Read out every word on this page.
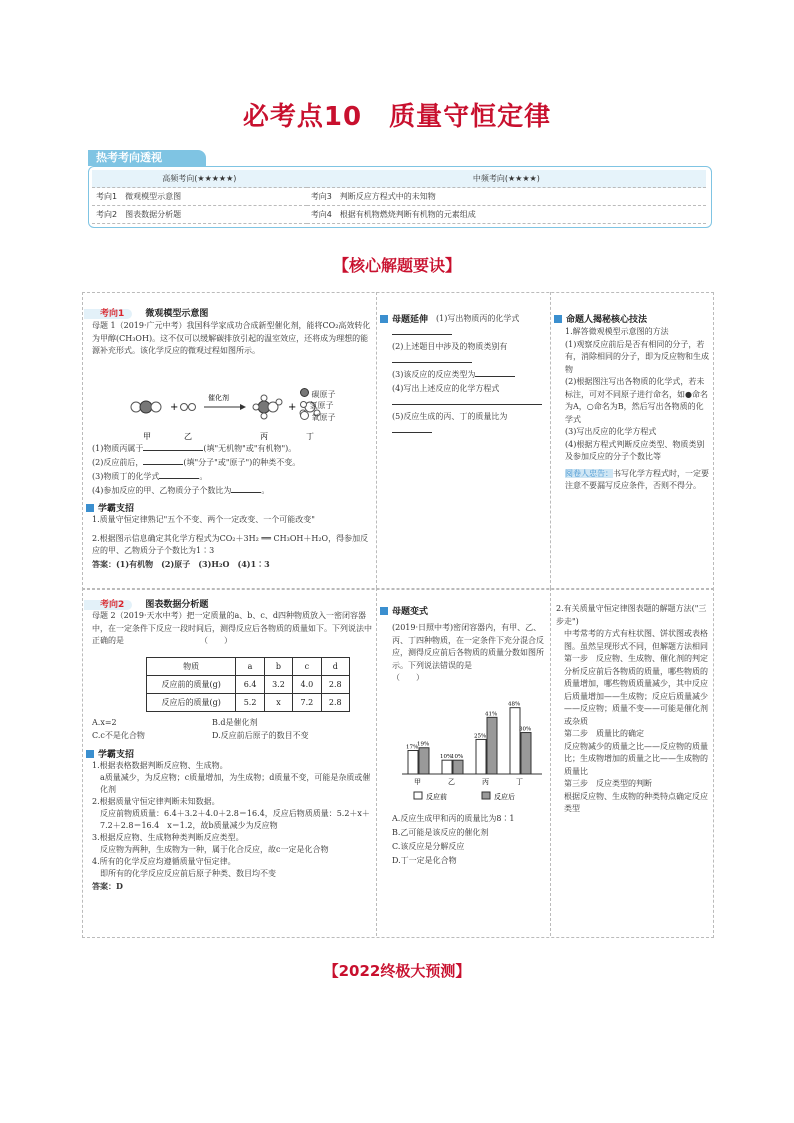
必考点10　质量守恒定律
热考考向透视
高频考向(★★★★★)	中频考向(★★★★)
考向1　微观模型示意图	考向3　判断反应方程式中的未知物
考向2　图表数据分析题	考向4　根据有机物燃烧判断有机物的元素组成
【核心解题要诀】
考向1 微观模型示意图
母题 1（2019·广元中考）我国科学家成功合成新型催化剂，能将CO₂高效转化为甲醇(CH₃OH)。这不仅可以缓解碳排放引起的温室效应，还将成为理想的能源补充形式。该化学反应的微观过程如图所示。
+
催化剂
+
甲	乙	丙	丁
碳原子
氢原子
氧原子
(1)物质丙属于	(填"无机物"或"有机物")。
(2)反应前后，	(填"分子"或"原子")的种类不变。
(3)物质丁的化学式	。
(4)参加反应的甲、乙物质分子个数比为	。
学霸支招
1.质量守恒定律熟记"五个不变、两个一定改变、一个可能改变"
2.根据图示信息确定其化学方程式为CO₂＋3H₂ ══ CH₃OH＋H₂O，得参加反应的甲、乙物质分子个数比为1∶3
答案：(1)有机物　(2)原子　(3)H₂O　(4)1∶3
母题延伸 (1)写出物质丙的化学式
(2)上述题目中涉及的物质类别有
(3)该反应的反应类型为
(4)写出上述反应的化学方程式
(5)反应生成的丙、丁的质量比为
命题人揭秘核心技法
1.解答微观模型示意图的方法
(1)观察反应前后是否有相同的分子，若有，消除相同的分子，即为反应物和生成物
(2)根据图注写出各物质的化学式，若未标注，可对不同原子进行命名，如●命名为A，○命名为B，然后写出各物质的化学式
(3)写出反应的化学方程式
(4)根据方程式判断反应类型、物质类别及参加反应的分子个数比等
阅卷人忠告：书写化学方程式时，一定要注意不要漏写反应条件，否则不得分。
考向2 图表数据分析题
母题 2（2019·天水中考）把一定质量的a、b、c、d四种物质放入一密闭容器中，在一定条件下反应一段时间后，测得反应后各物质的质量如下。下列说法中正确的是　　　　　　　　　　（　　）
物质	a	b	c	d
反应前的质量(g)	6.4	3.2	4.0	2.8
反应后的质量(g)	5.2	x	7.2	2.8
A.x=2	B.d是催化剂
C.c不是化合物	D.反应前后原子的数目不变
学霸支招
1.根据表格数据判断反应物、生成物。
a质量减少，为反应物；c质量增加，为生成物；d质量不变，可能是杂质或催化剂
2.根据质量守恒定律判断未知数据。
反应前物质质量：6.4＋3.2＋4.0＋2.8＝16.4，反应后物质质量：5.2＋x＋7.2＋2.8＝16.4　x＝1.2，故b质量减少为反应物
3.根据反应物、生成物种类判断反应类型。
反应物为两种，生成物为一种，属于化合反应，故c一定是化合物
4.所有的化学反应均遵循质量守恒定律。
即所有的化学反应反应前后原子种类、数目均不变
答案：D
母题变式
(2019·日照中考)密闭容器内，有甲、乙、丙、丁四种物质，在一定条件下充分混合反应，测得反应前后各物质的质量分数如图所示。下列说法错误的是　　　　　　　　　（　　）
17%
19%
10%
10%
25%
41%
48%
30%
甲	乙	丙	丁
反应前	反应后
A.反应生成甲和丙的质量比为8∶1
B.乙可能是该反应的催化剂
C.该反应是分解反应
D.丁一定是化合物
2.有关质量守恒定律图表题的解题方法("三步走")
中考常考的方式有柱状图、饼状图或表格图。虽然呈现形式不同，但解题方法相同
第一步　反应物、生成物、催化剂的判定
分析反应前后各物质的质量，哪些物质的质量增加，哪些物质质量减少，其中反应后质量增加——生成物；反应后质量减少——反应物；质量不变——可能是催化剂或杂质
第二步　质量比的确定
反应物减少的质量之比——反应物的质量比；生成物增加的质量之比——生成物的质量比
第三步　反应类型的判断
根据反应物、生成物的种类特点确定反应类型
【2022终极大预测】
